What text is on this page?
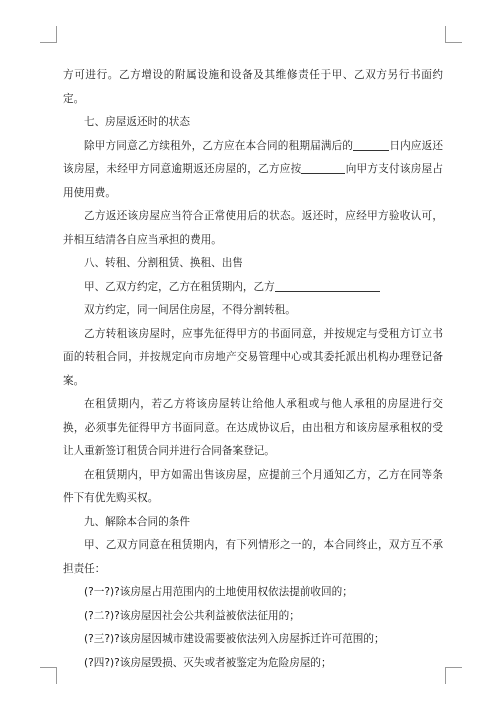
方可进行。乙方增设的附属设施和设备及其维修责任于甲、乙双方另行书面约定。

七、房屋返还时的状态

除甲方同意乙方续租外，乙方应在本合同的租期届满后的	日内应返还该房屋，未经甲方同意逾期返还房屋的，乙方应按	向甲方支付该房屋占用使用费。

乙方返还该房屋应当符合正常使用后的状态。返还时，应经甲方验收认可，并相互结清各自应当承担的费用。

八、转租、分割租赁、换租、出售

甲、乙双方约定，乙方在租赁期内，乙方

双方约定，同一间居住房屋，不得分割转租。

乙方转租该房屋时，应事先征得甲方的书面同意，并按规定与受租方订立书面的转租合同，并按规定向市房地产交易管理中心或其委托派出机构办理登记备案。

在租赁期内，若乙方将该房屋转让给他人承租或与他人承租的房屋进行交换，必须事先征得甲方书面同意。在达成协议后，由出租方和该房屋承租权的受让人重新签订租赁合同并进行合同备案登记。

在租赁期内，甲方如需出售该房屋，应提前三个月通知乙方，乙方在同等条件下有优先购买权。

九、解除本合同的条件

甲、乙双方同意在租赁期内，有下列情形之一的，本合同终止，双方互不承担责任：

(?一?)?该房屋占用范围内的土地使用权依法提前收回的；

(?二?)?该房屋因社会公共利益被依法征用的；

(?三?)?该房屋因城市建设需要被依法列入房屋拆迁许可范围的；

(?四?)?该房屋毁损、灭失或者被鉴定为危险房屋的；
